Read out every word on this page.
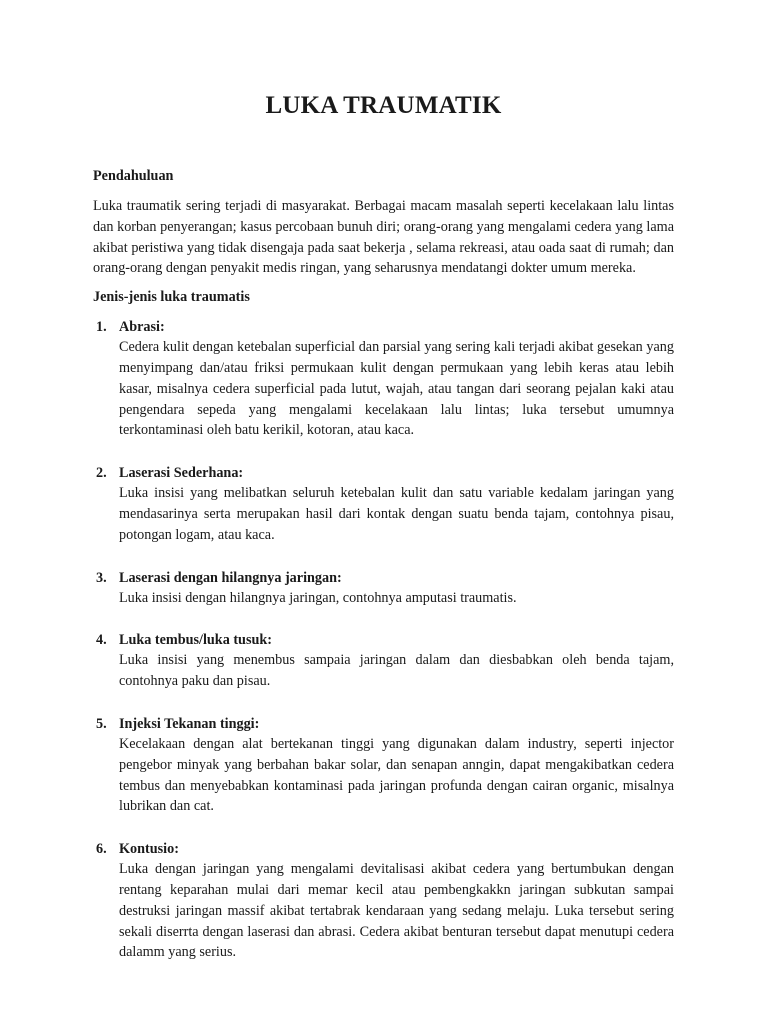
LUKA TRAUMATIK
Pendahuluan

Luka traumatik sering terjadi di masyarakat. Berbagai macam masalah seperti kecelakaan lalu lintas dan korban penyerangan; kasus percobaan bunuh diri; orang-orang yang mengalami cedera yang lama akibat peristiwa yang tidak disengaja pada saat bekerja , selama rekreasi, atau oada saat di rumah; dan orang-orang dengan penyakit medis ringan, yang seharusnya mendatangi dokter umum mereka.

Jenis-jenis luka traumatis
1. Abrasi:

Cedera kulit dengan ketebalan superficial dan parsial yang sering kali terjadi akibat gesekan yang menyimpang dan/atau friksi permukaan kulit dengan permukaan yang lebih keras atau lebih kasar, misalnya cedera superficial pada lutut, wajah, atau tangan dari seorang pejalan kaki atau pengendara sepeda yang mengalami kecelakaan lalu lintas; luka tersebut umumnya terkontaminasi oleh batu kerikil, kotoran, atau kaca.

2. Laserasi Sederhana:

Luka insisi yang melibatkan seluruh ketebalan kulit dan satu variable kedalam jaringan yang mendasarinya serta merupakan hasil dari kontak dengan suatu benda tajam, contohnya pisau, potongan logam, atau kaca.

3. Laserasi dengan hilangnya jaringan:

Luka insisi dengan hilangnya jaringan, contohnya amputasi traumatis.

4. Luka tembus/luka tusuk:

Luka insisi yang menembus sampaia jaringan dalam dan diesbabkan oleh benda tajam, contohnya paku dan pisau.

5. Injeksi Tekanan tinggi:

Kecelakaan dengan alat bertekanan tinggi yang digunakan dalam industry, seperti injector pengebor minyak yang berbahan bakar solar, dan senapan anngin, dapat mengakibatkan cedera tembus dan menyebabkan kontaminasi pada jaringan profunda dengan cairan organic, misalnya lubrikan dan cat.

6. Kontusio:

Luka dengan jaringan yang mengalami devitalisasi akibat cedera yang bertumbukan dengan rentang keparahan mulai dari memar kecil atau pembengkakkn jaringan subkutan sampai destruksi jaringan massif akibat tertabrak kendaraan yang sedang melaju. Luka tersebut sering sekali diserrta dengan laserasi dan abrasi. Cedera akibat benturan tersebut dapat menutupi cedera dalamm yang serius.
